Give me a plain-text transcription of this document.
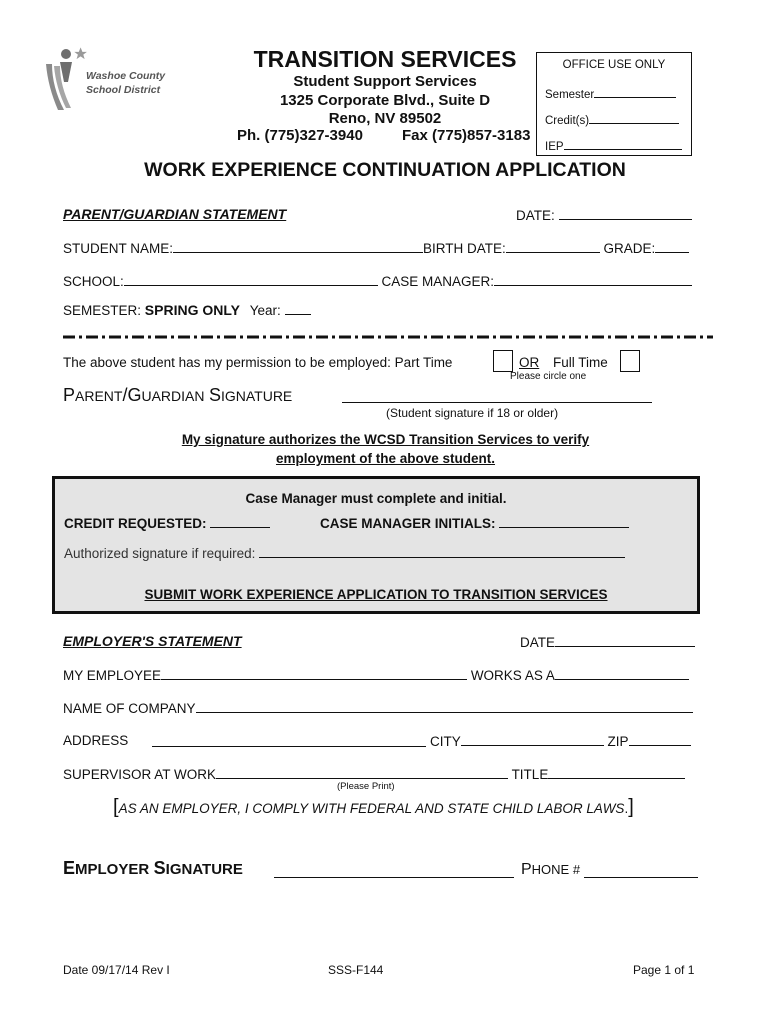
Washoe County
School District
TRANSITION SERVICES
Student Support Services
1325 Corporate Blvd., Suite D
Reno, NV 89502
Ph. (775)327-3940	Fax (775)857-3183
OFFICE USE ONLY
Semester
Credit(s)
IEP
WORK EXPERIENCE CONTINUATION APPLICATION
PARENT/GUARDIAN STATEMENT	DATE:
STUDENT NAME:	BIRTH DATE:	GRADE:
SCHOOL:	CASE MANAGER:
SEMESTER: SPRING ONLY Year:
The above student has my permission to be employed: Part Time	OR Full Time
Please circle one
PARENT/GUARDIAN SIGNATURE
(Student signature if 18 or older)
My signature authorizes the WCSD Transition Services to verify
employment of the above student.
Case Manager must complete and initial.
CREDIT REQUESTED:	CASE MANAGER INITIALS:
Authorized signature if required:
SUBMIT WORK EXPERIENCE APPLICATION TO TRANSITION SERVICES
EMPLOYER'S STATEMENT	DATE
MY EMPLOYEE	WORKS AS A
NAME OF COMPANY
ADDRESS	CITY	ZIP
SUPERVISOR AT WORK	TITLE
(Please Print)
[AS AN EMPLOYER, I COMPLY WITH FEDERAL AND STATE CHILD LABOR LAWS.]
EMPLOYER SIGNATURE	PHONE #
Date 09/17/14 Rev I	SSS-F144	Page 1 of 1
